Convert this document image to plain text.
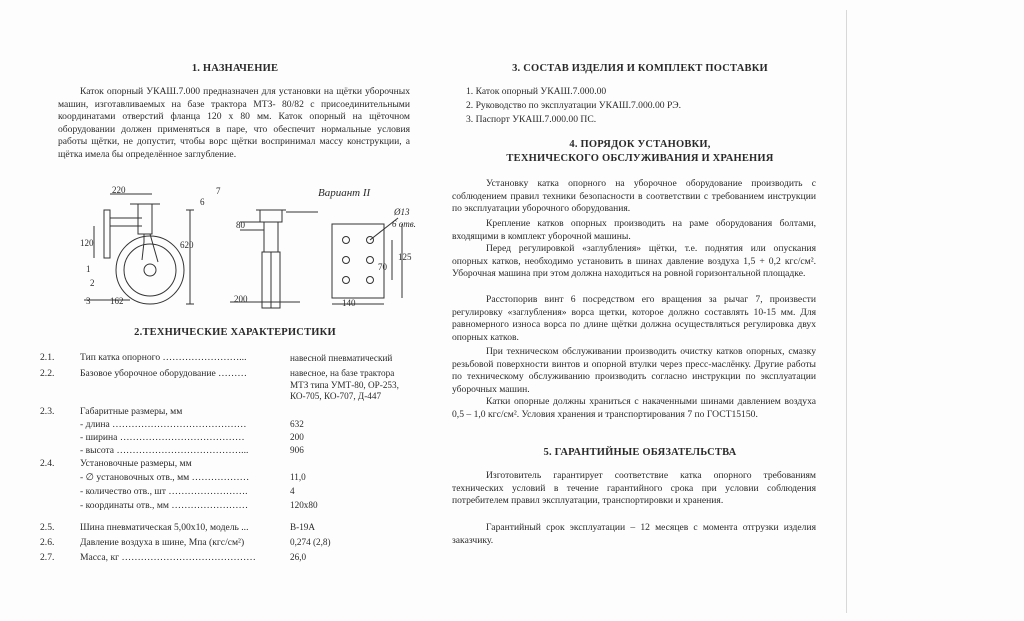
1. НАЗНАЧЕНИЕ
Каток опорный УКАШ.7.000 предназначен для установки на щётки уборочных машин, изготавливаемых на базе трактора МТЗ- 80/82 с присоединительными координатами отверстий фланца 120 х 80 мм. Каток опорный на щёточном оборудовании должен применяться в паре, что обеспечит нормальные условия работы щётки, не допустит, чтобы ворс щётки воспринимал массу конструкции, а щётка имела бы определённое заглубление.
220
120	620
162
80
200	140
70
125
Ø13
6 отв.
Вариант II
1
2
3
6
7
2.ТЕХНИЧЕСКИЕ ХАРАКТЕРИСТИКИ
2.1.	Тип катка опорного ……………………...	навесной пневматический
2.2.	Базовое уборочное оборудование ………	навесное, на базе трактора
МТЗ типа УМТ-80, ОР-253,
КО-705, КО-707, Д-447
2.3.	Габаритные размеры, мм
- длина ……………………………………	632
- ширина …………………………………	200
- высота …………………………………...	906
2.4.	Установочные размеры, мм
- ∅ установочных отв., мм ………………	11,0
- количество отв., шт …………………….	4
- координаты отв., мм ……………………	120х80
2.5.	Шина пневматическая 5,00х10, модель ...	В-19А
2.6.	Давление воздуха в шине, Мпа (кгс/см²)	0,274 (2,8)
2.7.	Масса, кг ……………………………………	26,0
3. СОСТАВ ИЗДЕЛИЯ И КОМПЛЕКТ ПОСТАВКИ
1. Каток опорный УКАШ.7.000.00
2. Руководство по эксплуатации УКАШ.7.000.00 РЭ.
3. Паспорт УКАШ.7.000.00 ПС.
4. ПОРЯДОК УСТАНОВКИ,
ТЕХНИЧЕСКОГО ОБСЛУЖИВАНИЯ И ХРАНЕНИЯ
Установку катка опорного на уборочное оборудование производить с соблюдением правил техники безопасности в соответствии с требованием инструкции по эксплуатации уборочного оборудования.
Крепление катков опорных производить на раме оборудования болтами, входящими в комплект уборочной машины.
Перед регулировкой «заглубления» щётки, т.е. поднятия или опускания опорных катков, необходимо установить в шинах давление воздуха 1,5 + 0,2 кгс/см². Уборочная машина при этом должна находиться на ровной горизонтальной площадке.
Расстопорив винт 6 посредством его вращения за рычаг 7, произвести регулировку «заглубления» ворса щетки, которое должно составлять 10-15 мм. Для равномерного износа ворса по длине щётки должна осуществляться регулировка двух опорных катков.
При техническом обслуживании производить очистку катков опорных, смазку резьбовой поверхности винтов и опорной втулки через пресс-маслёнку. Другие работы по техническому обслуживанию производить согласно инструкции по эксплуатации уборочных машин.
Катки опорные должны храниться с накаченными шинами давлением воздуха 0,5 – 1,0 кгс/см². Условия хранения и транспортирования 7 по ГОСТ15150.
5. ГАРАНТИЙНЫЕ ОБЯЗАТЕЛЬСТВА
Изготовитель гарантирует соответствие катка опорного требованиям технических условий в течение гарантийного срока при условии соблюдения потребителем правил эксплуатации, транспортировки и хранения.
Гарантийный срок эксплуатации – 12 месяцев с момента отгрузки изделия заказчику.
